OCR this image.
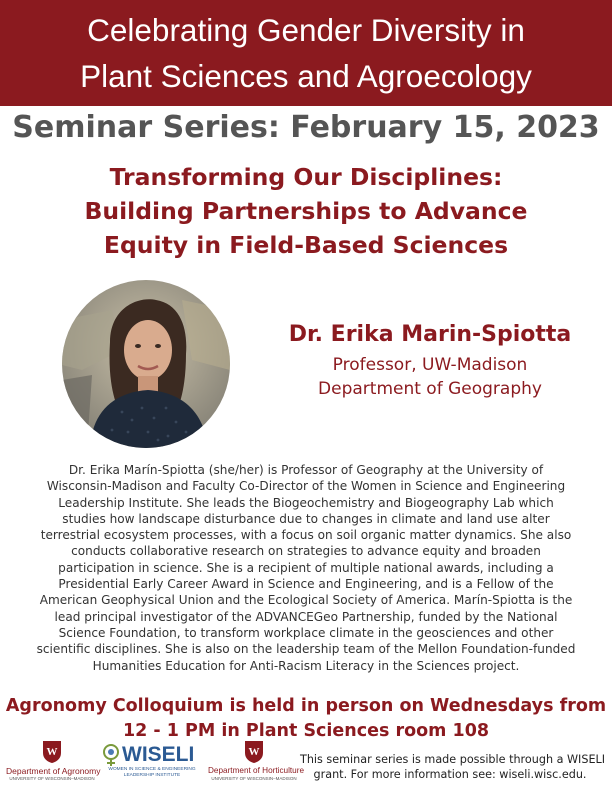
Celebrating Gender Diversity in
Plant Sciences and Agroecology
Seminar Series: February 15, 2023
Transforming Our Disciplines:
Building Partnerships to Advance
Equity in Field-Based Sciences
Dr. Erika Marin-Spiotta
Professor, UW-Madison
Department of Geography
Dr. Erika Marín-Spiotta (she/her) is Professor of Geography at the University of
Wisconsin-Madison and Faculty Co-Director of the Women in Science and Engineering
Leadership Institute. She leads the Biogeochemistry and Biogeography Lab which
studies how landscape disturbance due to changes in climate and land use alter
terrestrial ecosystem processes, with a focus on soil organic matter dynamics. She also
conducts collaborative research on strategies to advance equity and broaden
participation in science. She is a recipient of multiple national awards, including a
Presidential Early Career Award in Science and Engineering, and is a Fellow of the
American Geophysical Union and the Ecological Society of America. Marín-Spiotta is the
lead principal investigator of the ADVANCEGeo Partnership, funded by the National
Science Foundation, to transform workplace climate in the geosciences and other
scientific disciplines. She is also on the leadership team of the Mellon Foundation-funded
Humanities Education for Anti-Racism Literacy in the Sciences project.
Agronomy Colloquium is held in person on Wednesdays from
12 - 1 PM in Plant Sciences room 108
W
Department of Agronomy
UNIVERSITY OF WISCONSIN–MADISON
WISELI
WOMEN IN SCIENCE & ENGINEERING
LEADERSHIP INSTITUTE
W
Department of Horticulture
UNIVERSITY OF WISCONSIN–MADISON
This seminar series is made possible through a WISELI
grant. For more information see: wiseli.wisc.edu.
